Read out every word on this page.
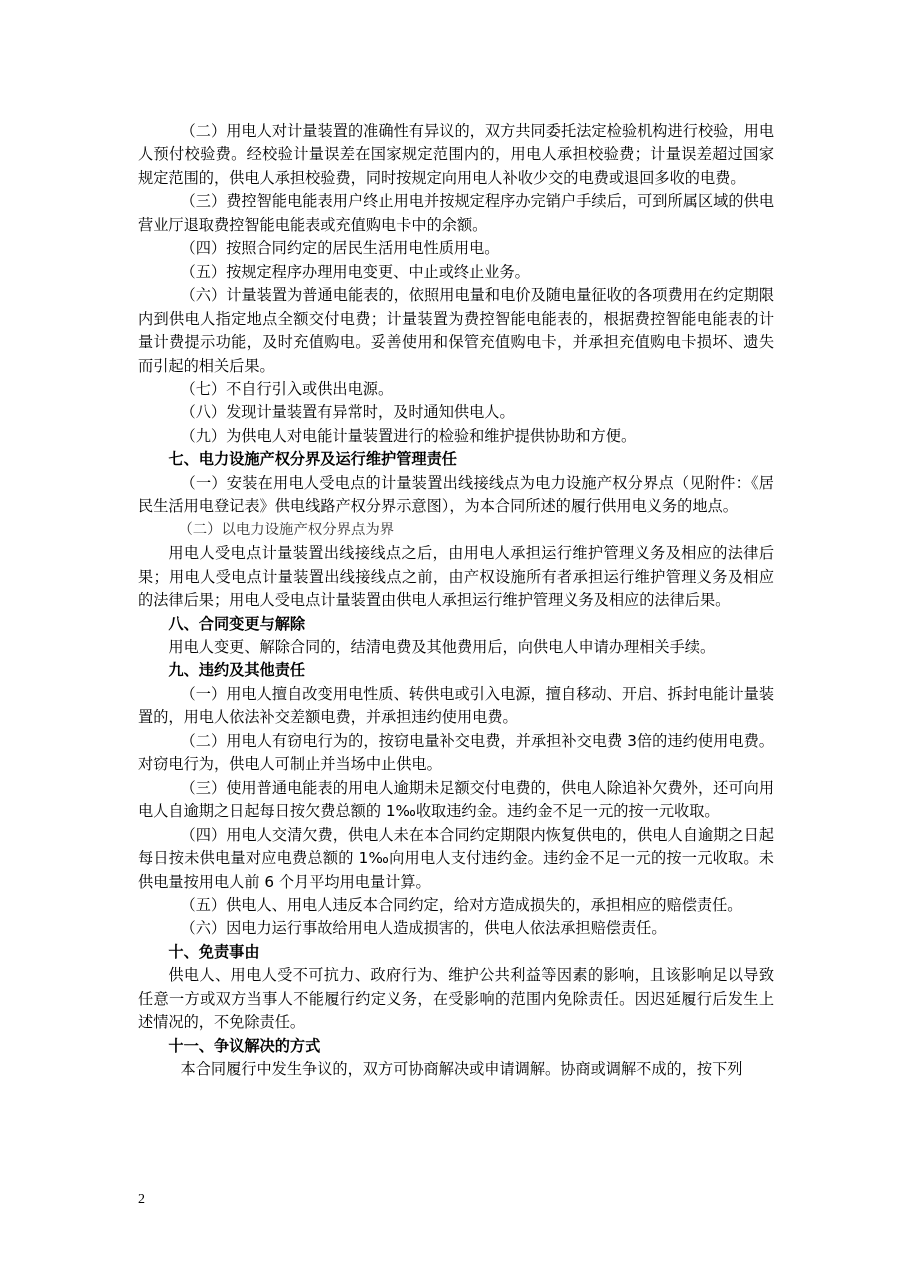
（二）用电人对计量装置的准确性有异议的，双方共同委托法定检验机构进行校验，用电人预付校验费。经校验计量误差在国家规定范围内的，用电人承担校验费；计量误差超过国家规定范围的，供电人承担校验费，同时按规定向用电人补收少交的电费或退回多收的电费。

（三）费控智能电能表用户终止用电并按规定程序办完销户手续后，可到所属区域的供电营业厅退取费控智能电能表或充值购电卡中的余额。

（四）按照合同约定的居民生活用电性质用电。

（五）按规定程序办理用电变更、中止或终止业务。

（六）计量装置为普通电能表的，依照用电量和电价及随电量征收的各项费用在约定期限内到供电人指定地点全额交付电费；计量装置为费控智能电能表的，根据费控智能电能表的计量计费提示功能，及时充值购电。妥善使用和保管充值购电卡，并承担充值购电卡损坏、遗失而引起的相关后果。

（七）不自行引入或供出电源。

（八）发现计量装置有异常时，及时通知供电人。

（九）为供电人对电能计量装置进行的检验和维护提供协助和方便。

七、电力设施产权分界及运行维护管理责任

（一）安装在用电人受电点的计量装置出线接线点为电力设施产权分界点（见附件：《居民生活用电登记表》供电线路产权分界示意图），为本合同所述的履行供用电义务的地点。

（二）以电力设施产权分界点为界

用电人受电点计量装置出线接线点之后，由用电人承担运行维护管理义务及相应的法律后果；用电人受电点计量装置出线接线点之前，由产权设施所有者承担运行维护管理义务及相应的法律后果；用电人受电点计量装置由供电人承担运行维护管理义务及相应的法律后果。

八、合同变更与解除

用电人变更、解除合同的，结清电费及其他费用后，向供电人申请办理相关手续。

九、违约及其他责任

（一）用电人擅自改变用电性质、转供电或引入电源，擅自移动、开启、拆封电能计量装置的，用电人依法补交差额电费，并承担违约使用电费。

（二）用电人有窃电行为的，按窃电量补交电费，并承担补交电费 3倍的违约使用电费。对窃电行为，供电人可制止并当场中止供电。

（三）使用普通电能表的用电人逾期未足额交付电费的，供电人除追补欠费外，还可向用电人自逾期之日起每日按欠费总额的 1‰收取违约金。违约金不足一元的按一元收取。

（四）用电人交清欠费，供电人未在本合同约定期限内恢复供电的，供电人自逾期之日起每日按未供电量对应电费总额的 1‰向用电人支付违约金。违约金不足一元的按一元收取。未供电量按用电人前 6 个月平均用电量计算。

（五）供电人、用电人违反本合同约定，给对方造成损失的，承担相应的赔偿责任。

（六）因电力运行事故给用电人造成损害的，供电人依法承担赔偿责任。

十、免责事由

供电人、用电人受不可抗力、政府行为、维护公共利益等因素的影响，且该影响足以导致任意一方或双方当事人不能履行约定义务，在受影响的范围内免除责任。因迟延履行后发生上述情况的，不免除责任。

十一、争议解决的方式

本合同履行中发生争议的，双方可协商解决或申请调解。协商或调解不成的，按下列

2
